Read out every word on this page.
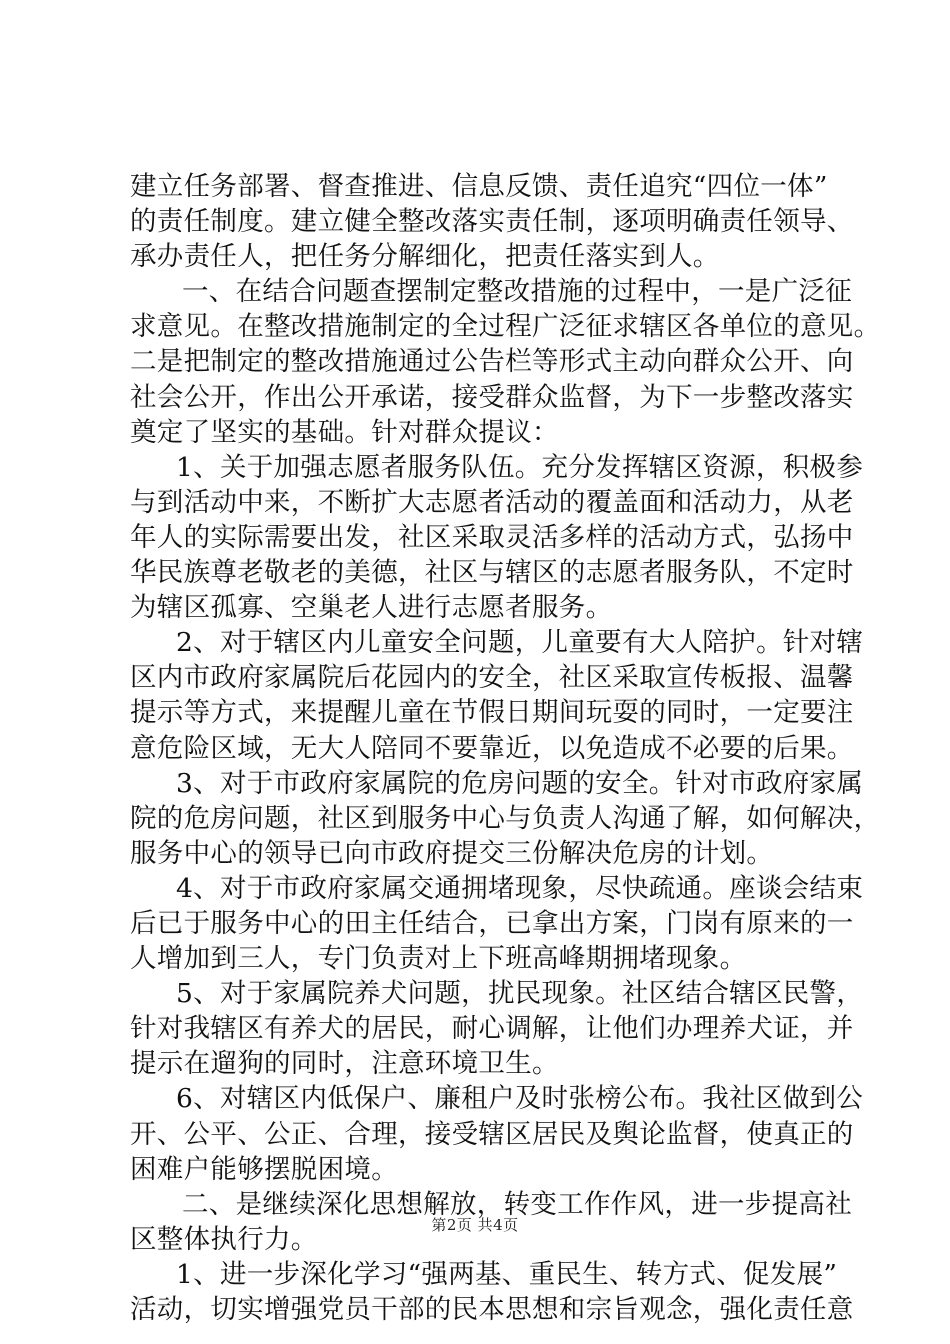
建立任务部署、督查推进、信息反馈、责任追究“四位一体”
的责任制度。建立健全整改落实责任制，逐项明确责任领导、
承办责任人，把任务分解细化，把责任落实到人。
一、在结合问题查摆制定整改措施的过程中，一是广泛征
求意见。在整改措施制定的全过程广泛征求辖区各单位的意见。
二是把制定的整改措施通过公告栏等形式主动向群众公开、向
社会公开，作出公开承诺，接受群众监督，为下一步整改落实
奠定了坚实的基础。针对群众提议：
1、关于加强志愿者服务队伍。充分发挥辖区资源，积极参
与到活动中来，不断扩大志愿者活动的覆盖面和活动力，从老
年人的实际需要出发，社区采取灵活多样的活动方式，弘扬中
华民族尊老敬老的美德，社区与辖区的志愿者服务队，不定时
为辖区孤寡、空巢老人进行志愿者服务。
2、对于辖区内儿童安全问题，儿童要有大人陪护。针对辖
区内市政府家属院后花园内的安全，社区采取宣传板报、温馨
提示等方式，来提醒儿童在节假日期间玩耍的同时，一定要注
意危险区域，无大人陪同不要靠近，以免造成不必要的后果。
3、对于市政府家属院的危房问题的安全。针对市政府家属
院的危房问题，社区到服务中心与负责人沟通了解，如何解决，
服务中心的领导已向市政府提交三份解决危房的计划。
4、对于市政府家属交通拥堵现象，尽快疏通。座谈会结束
后已于服务中心的田主任结合，已拿出方案，门岗有原来的一
人增加到三人，专门负责对上下班高峰期拥堵现象。
5、对于家属院养犬问题，扰民现象。社区结合辖区民警，
针对我辖区有养犬的居民，耐心调解，让他们办理养犬证，并
提示在遛狗的同时，注意环境卫生。
6、对辖区内低保户、廉租户及时张榜公布。我社区做到公
开、公平、公正、合理，接受辖区居民及舆论监督，使真正的
困难户能够摆脱困境。
二、是继续深化思想解放，转变工作作风，进一步提高社
区整体执行力。
1、进一步深化学习“强两基、重民生、转方式、促发展”
活动，切实增强党员干部的民本思想和宗旨观念，强化责任意
第2页 共4页
